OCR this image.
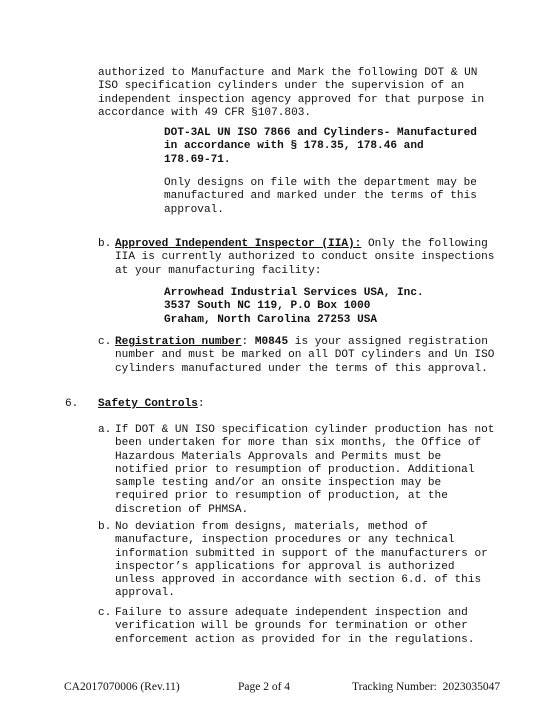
authorized to Manufacture and Mark the following DOT & UN
ISO specification cylinders under the supervision of an
independent inspection agency approved for that purpose in
accordance with 49 CFR §107.803.
DOT-3AL UN ISO 7866 and Cylinders- Manufactured
in accordance with § 178.35, 178.46 and
178.69-71.
Only designs on file with the department may be
manufactured and marked under the terms of this
approval.
b. Approved Independent Inspector (IIA): Only the following
IIA is currently authorized to conduct onsite inspections
at your manufacturing facility:
Arrowhead Industrial Services USA, Inc.
3537 South NC 119, P.O Box 1000
Graham, North Carolina 27253 USA
c. Registration number: M0845 is your assigned registration
number and must be marked on all DOT cylinders and Un ISO
cylinders manufactured under the terms of this approval.
6. Safety Controls:
a. If DOT & UN ISO specification cylinder production has not
been undertaken for more than six months, the Office of
Hazardous Materials Approvals and Permits must be
notified prior to resumption of production. Additional
sample testing and/or an onsite inspection may be
required prior to resumption of production, at the
discretion of PHMSA.
b. No deviation from designs, materials, method of
manufacture, inspection procedures or any technical
information submitted in support of the manufacturers or
inspector’s applications for approval is authorized
unless approved in accordance with section 6.d. of this
approval.
c. Failure to assure adequate independent inspection and
verification will be grounds for termination or other
enforcement action as provided for in the regulations.
CA2017070006 (Rev.11)	Page 2 of 4	Tracking Number:  2023035047
